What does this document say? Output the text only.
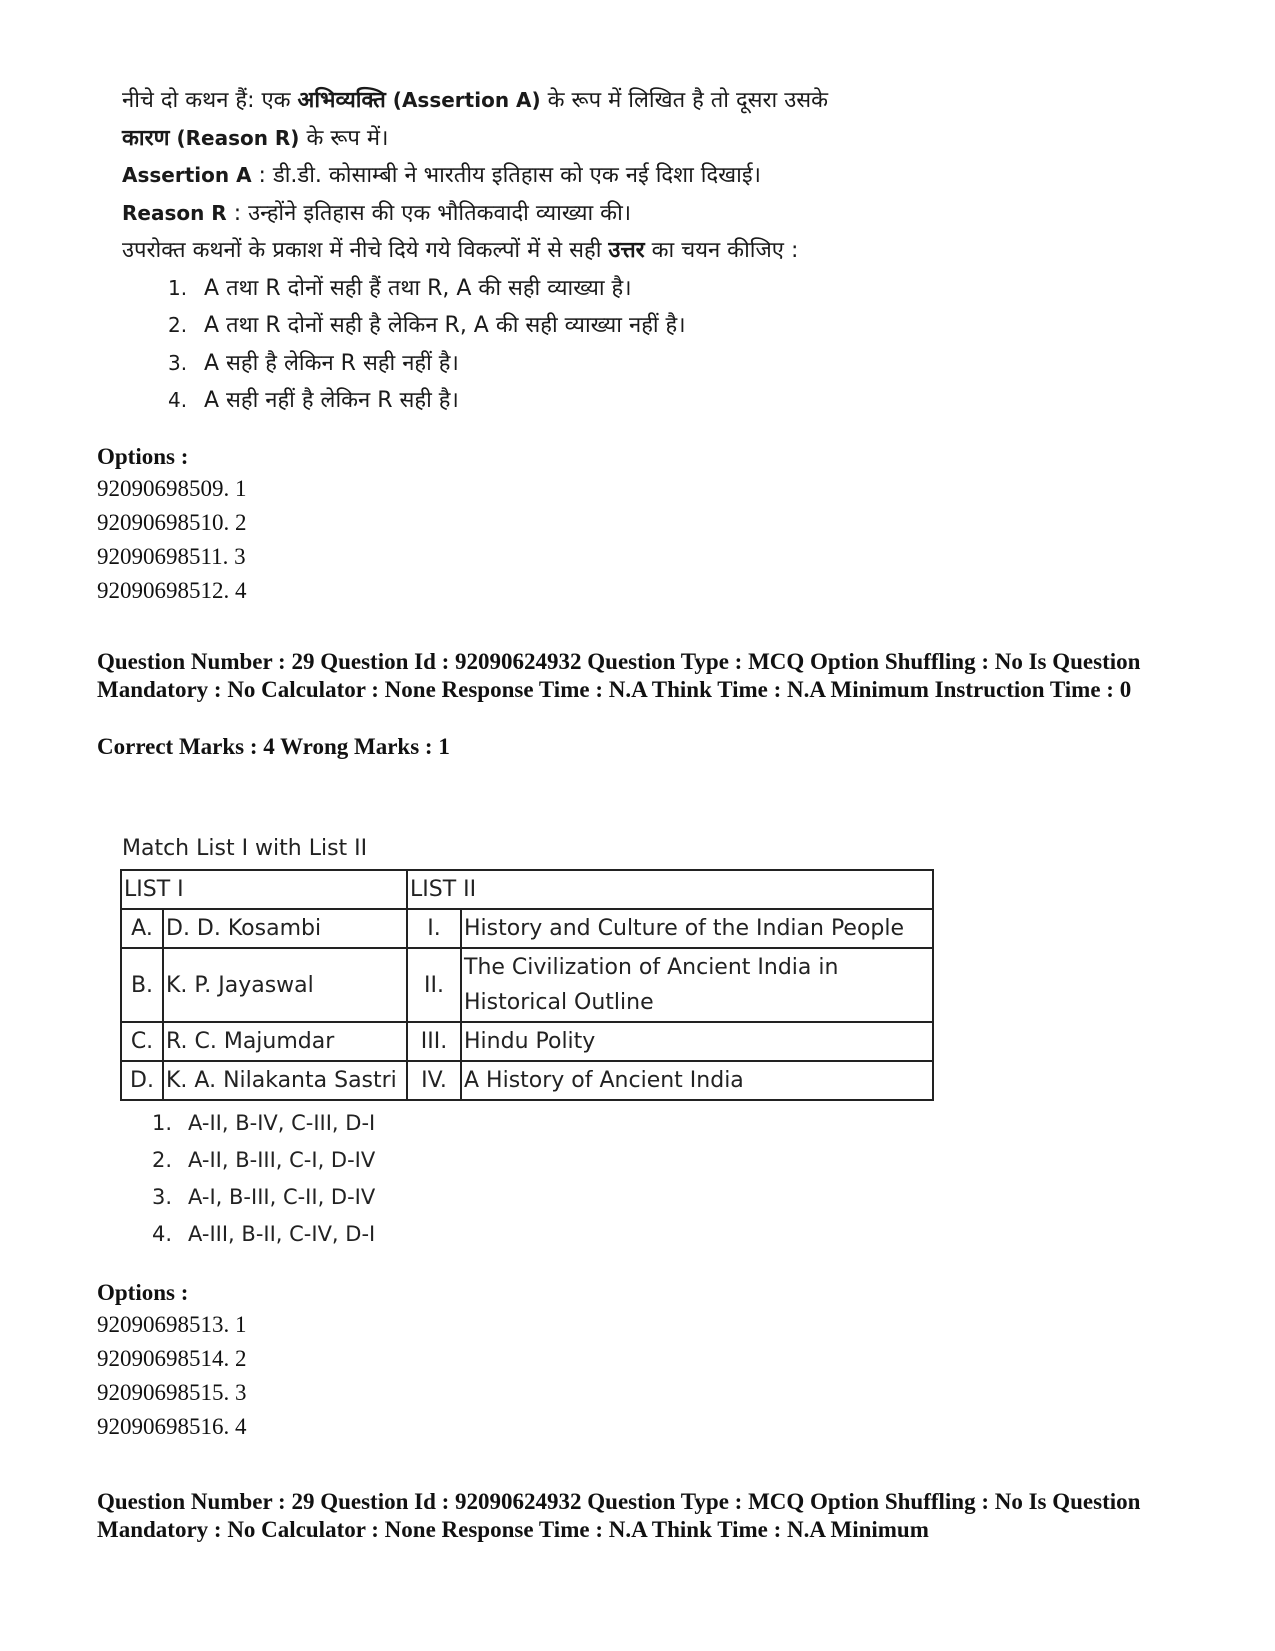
नीचे दो कथन हैं: एक अभिव्यक्ति (Assertion A) के रूप में लिखित है तो दूसरा उसके

कारण (Reason R) के रूप में।

Assertion A : डी.डी. कोसाम्बी ने भारतीय इतिहास को एक नई दिशा दिखाई।

Reason R : उन्होंने इतिहास की एक भौतिकवादी व्याख्या की।

उपरोक्त कथनों के प्रकाश में नीचे दिये गये विकल्पों में से सही उत्तर का चयन कीजिए :

1. A तथा R दोनों सही हैं तथा R, A की सही व्याख्या है।
2. A तथा R दोनों सही है लेकिन R, A की सही व्याख्या नहीं है।
3. A सही है लेकिन R सही नहीं है।
4. A सही नहीं है लेकिन R सही है।

Options :

92090698509. 1
92090698510. 2
92090698511. 3
92090698512. 4

Question Number : 29 Question Id : 92090624932 Question Type : MCQ Option Shuffling : No Is Question Mandatory : No Calculator : None Response Time : N.A Think Time : N.A Minimum Instruction Time : 0

Correct Marks : 4 Wrong Marks : 1

Match List I with List II

LIST I		LIST II	
A.	D. D. Kosambi	I.	History and Culture of the Indian People
B.	K. P. Jayaswal	II.	The Civilization of Ancient India in Historical Outline
C.	R. C. Majumdar	III.	Hindu Polity
D.	K. A. Nilakanta Sastri	IV.	A History of Ancient India
1. A-II, B-IV, C-III, D-I
2. A-II, B-III, C-I, D-IV
3. A-I, B-III, C-II, D-IV
4. A-III, B-II, C-IV, D-I

Options :

92090698513. 1
92090698514. 2
92090698515. 3
92090698516. 4

Question Number : 29 Question Id : 92090624932 Question Type : MCQ Option Shuffling : No Is Question Mandatory : No Calculator : None Response Time : N.A Think Time : N.A Minimum
